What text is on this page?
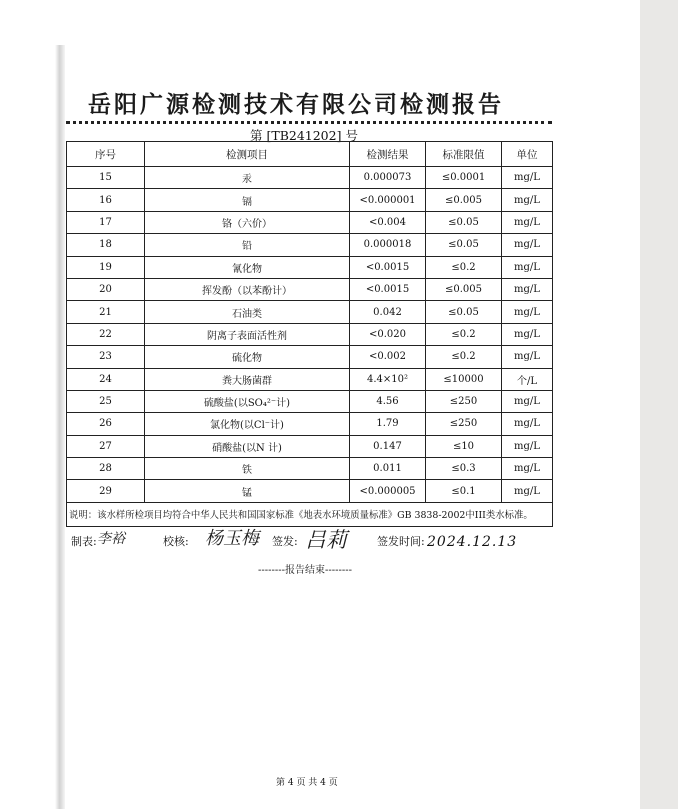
岳阳广源检测技术有限公司检测报告
第 [TB241202] 号
序号	检测项目	检测结果	标准限值	单位
15	汞	0.000073	≤0.0001	mg/L
16	镉	<0.000001	≤0.005	mg/L
17	铬（六价）	<0.004	≤0.05	mg/L
18	铅	0.000018	≤0.05	mg/L
19	氰化物	<0.0015	≤0.2	mg/L
20	挥发酚（以苯酚计）	<0.0015	≤0.005	mg/L
21	石油类	0.042	≤0.05	mg/L
22	阴离子表面活性剂	<0.020	≤0.2	mg/L
23	硫化物	<0.002	≤0.2	mg/L
24	粪大肠菌群	4.4×10²	≤10000	个/L
25	硫酸盐(以SO₄²⁻计)	4.56	≤250	mg/L
26	氯化物(以Cl⁻计)	1.79	≤250	mg/L
27	硝酸盐(以N 计)	0.147	≤10	mg/L
28	铁	0.011	≤0.3	mg/L
29	锰	<0.000005	≤0.1	mg/L
说明：该水样所检项目均符合中华人民共和国国家标准《地表水环境质量标准》GB 3838-2002中III类水标准。				
制表: 李裕	校核: 杨玉梅 签发: 吕莉	签发时间: 2024.12.13
--------报告结束--------
第 4 页 共 4 页
